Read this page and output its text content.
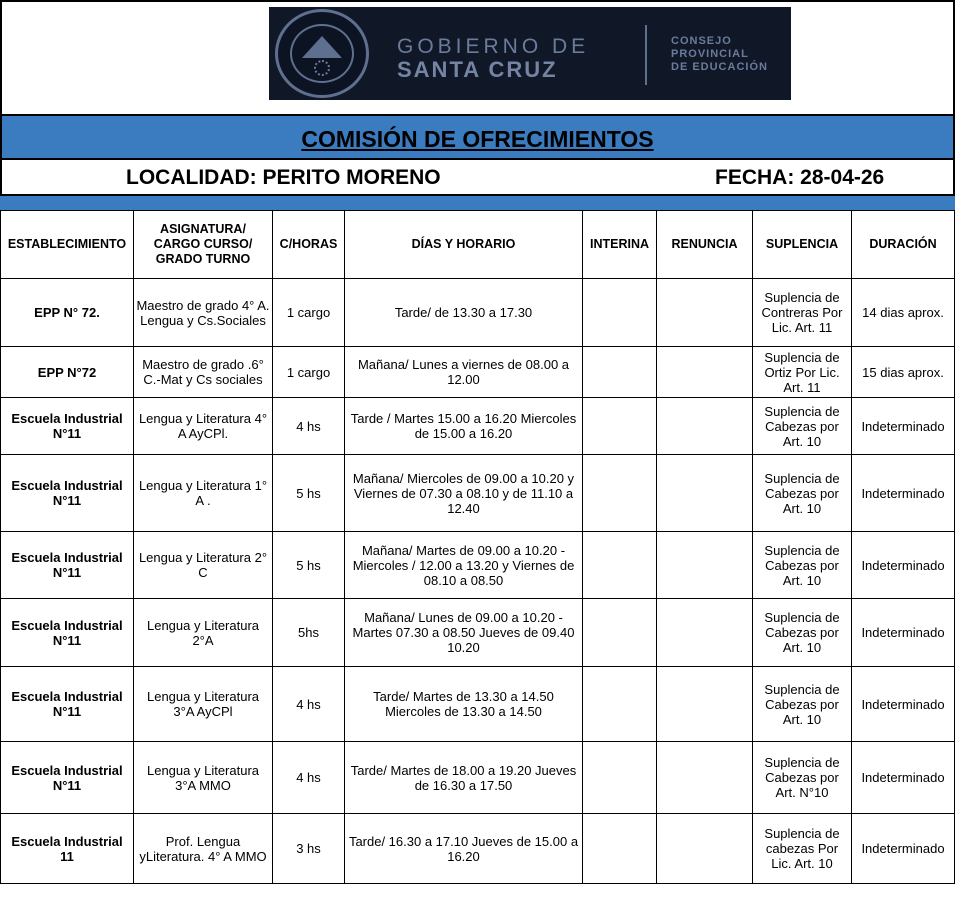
GOBIERNO DE
SANTA CRUZ
CONSEJO
PROVINCIAL
DE EDUCACIÓN
COMISIÓN DE OFRECIMIENTOS
LOCALIDAD: PERITO MORENO	FECHA: 28-04-26
ESTABLECIMIENTO	ASIGNATURA/ CARGO CURSO/ GRADO TURNO	C/HORAS	DÍAS Y HORARIO	INTERINA	RENUNCIA	SUPLENCIA	DURACIÓN
EPP N° 72.	Maestro de grado 4° A. Lengua y Cs.Sociales	1 cargo	Tarde/ de 13.30 a 17.30			Suplencia de Contreras Por Lic. Art. 11	14 dias aprox.
EPP N°72	Maestro de grado .6° C.-Mat y Cs sociales	1 cargo	Mañana/ Lunes a viernes de 08.00 a 12.00			Suplencia de Ortiz Por Lic. Art. 11	15 dias aprox.
Escuela Industrial N°11	Lengua y Literatura 4° A AyCPl.	4 hs	Tarde / Martes 15.00 a 16.20 Miercoles de 15.00 a 16.20			Suplencia de Cabezas por Art. 10	Indeterminado
Escuela Industrial N°11	Lengua y Literatura 1° A .	5 hs	Mañana/ Miercoles de 09.00 a 10.20 y Viernes de 07.30 a 08.10 y de 11.10 a 12.40			Suplencia de Cabezas por Art. 10	Indeterminado
Escuela Industrial N°11	Lengua y Literatura 2° C	5 hs	Mañana/ Martes de 09.00 a 10.20 -Miercoles / 12.00 a 13.20 y Viernes de 08.10 a 08.50			Suplencia de Cabezas por Art. 10	Indeterminado
Escuela Industrial N°11	Lengua y Literatura 2°A	5hs	Mañana/ Lunes de 09.00 a 10.20 -Martes 07.30 a 08.50 Jueves de 09.40 10.20			Suplencia de Cabezas por Art. 10	Indeterminado
Escuela Industrial N°11	Lengua y Literatura 3°A AyCPl	4 hs	Tarde/ Martes de 13.30 a 14.50 Miercoles de 13.30 a 14.50			Suplencia de Cabezas por Art. 10	Indeterminado
Escuela Industrial N°11	Lengua y Literatura 3°A MMO	4 hs	Tarde/ Martes de 18.00 a 19.20 Jueves de 16.30 a 17.50			Suplencia de Cabezas por Art. N°10	Indeterminado
Escuela Industrial 11	Prof. Lengua yLiteratura. 4° A MMO	3 hs	Tarde/ 16.30 a 17.10 Jueves de 15.00 a 16.20			Suplencia de cabezas Por Lic. Art. 10	Indeterminado
